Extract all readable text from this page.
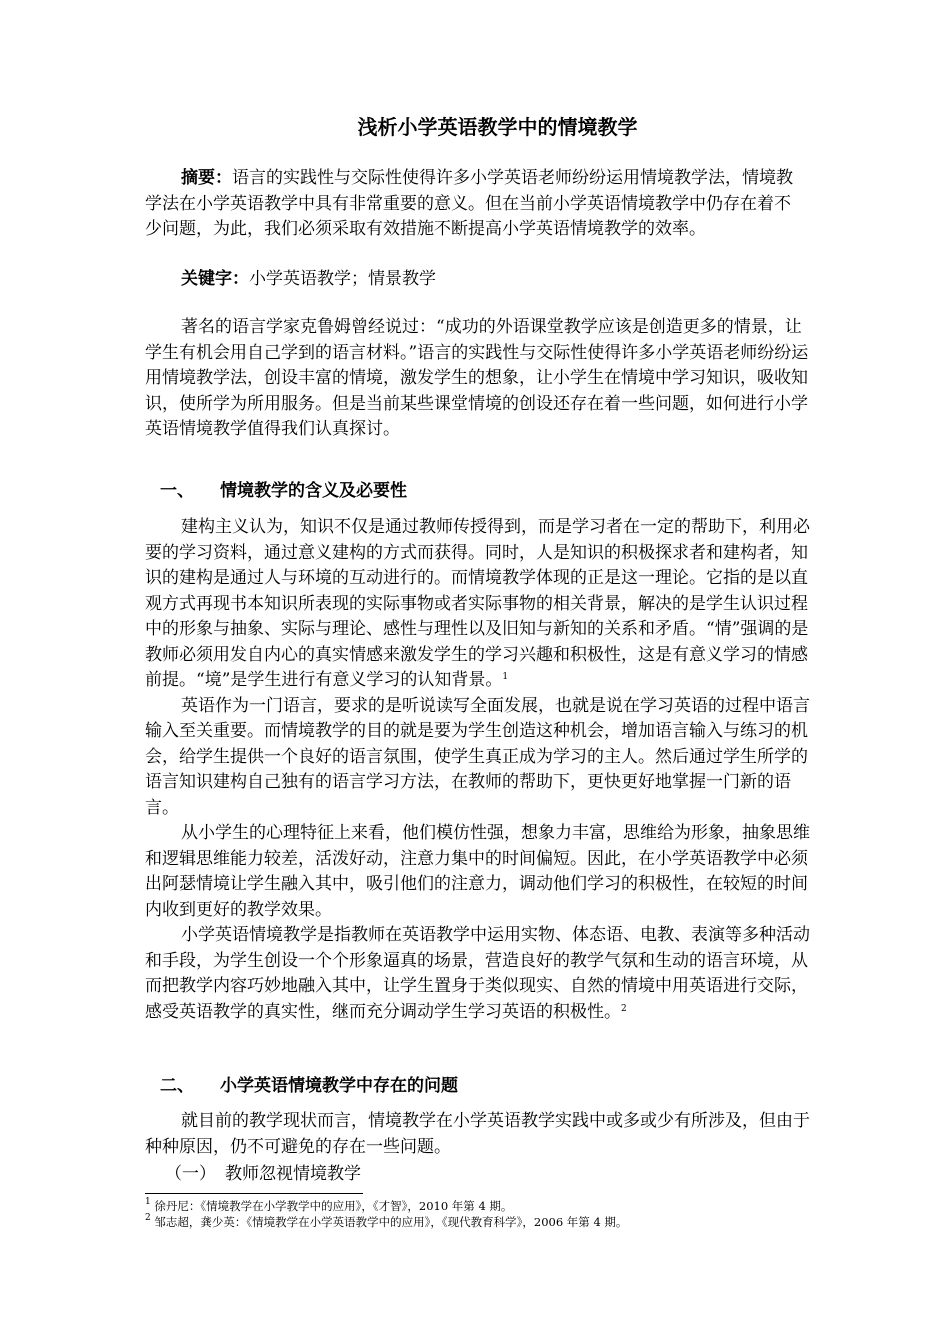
浅析小学英语教学中的情境教学
摘要：语言的实践性与交际性使得许多小学英语老师纷纷运用情境教学法，情境教学法在小学英语教学中具有非常重要的意义。但在当前小学英语情境教学中仍存在着不少问题，为此，我们必须采取有效措施不断提高小学英语情境教学的效率。
关键字：小学英语教学；情景教学

著名的语言学家克鲁姆曾经说过：“成功的外语课堂教学应该是创造更多的情景，让学生有机会用自己学到的语言材料。”语言的实践性与交际性使得许多小学英语老师纷纷运用情境教学法，创设丰富的情境，激发学生的想象，让小学生在情境中学习知识，吸收知识，使所学为所用服务。但是当前某些课堂情境的创设还存在着一些问题，如何进行小学英语情境教学值得我们认真探讨。

一、 情境教学的含义及必要性

建构主义认为，知识不仅是通过教师传授得到，而是学习者在一定的帮助下，利用必要的学习资料，通过意义建构的方式而获得。同时，人是知识的积极探求者和建构者，知识的建构是通过人与环境的互动进行的。而情境教学体现的正是这一理论。它指的是以直观方式再现书本知识所表现的实际事物或者实际事物的相关背景，解决的是学生认识过程中的形象与抽象、实际与理论、感性与理性以及旧知与新知的关系和矛盾。“情”强调的是教师必须用发自内心的真实情感来激发学生的学习兴趣和积极性，这是有意义学习的情感前提。“境”是学生进行有意义学习的认知背景。$^1$

英语作为一门语言，要求的是听说读写全面发展，也就是说在学习英语的过程中语言输入至关重要。而情境教学的目的就是要为学生创造这种机会，增加语言输入与练习的机会，给学生提供一个良好的语言氛围，使学生真正成为学习的主人。然后通过学生所学的语言知识建构自己独有的语言学习方法，在教师的帮助下，更快更好地掌握一门新的语言。

从小学生的心理特征上来看，他们模仿性强，想象力丰富，思维给为形象，抽象思维和逻辑思维能力较差，活泼好动，注意力集中的时间偏短。因此，在小学英语教学中必须出阿瑟情境让学生融入其中，吸引他们的注意力，调动他们学习的积极性，在较短的时间内收到更好的教学效果。

小学英语情境教学是指教师在英语教学中运用实物、体态语、电教、表演等多种活动和手段，为学生创设一个个形象逼真的场景，营造良好的教学气氛和生动的语言环境，从而把教学内容巧妙地融入其中，让学生置身于类似现实、自然的情境中用英语进行交际，感受英语教学的真实性，继而充分调动学生学习英语的积极性。$^2$

二、 小学英语情境教学中存在的问题

就目前的教学现状而言，情境教学在小学英语教学实践中或多或少有所涉及，但由于种种原因，仍不可避免的存在一些问题。

（一） 教师忽视情境教学
$^1$ 徐丹尼：《情境教学在小学教学中的应用》，《才智》，2010 年第 4 期。
$^2$ 邹志超，龚少英：《情境教学在小学英语教学中的应用》，《现代教育科学》，2006 年第 4 期。
